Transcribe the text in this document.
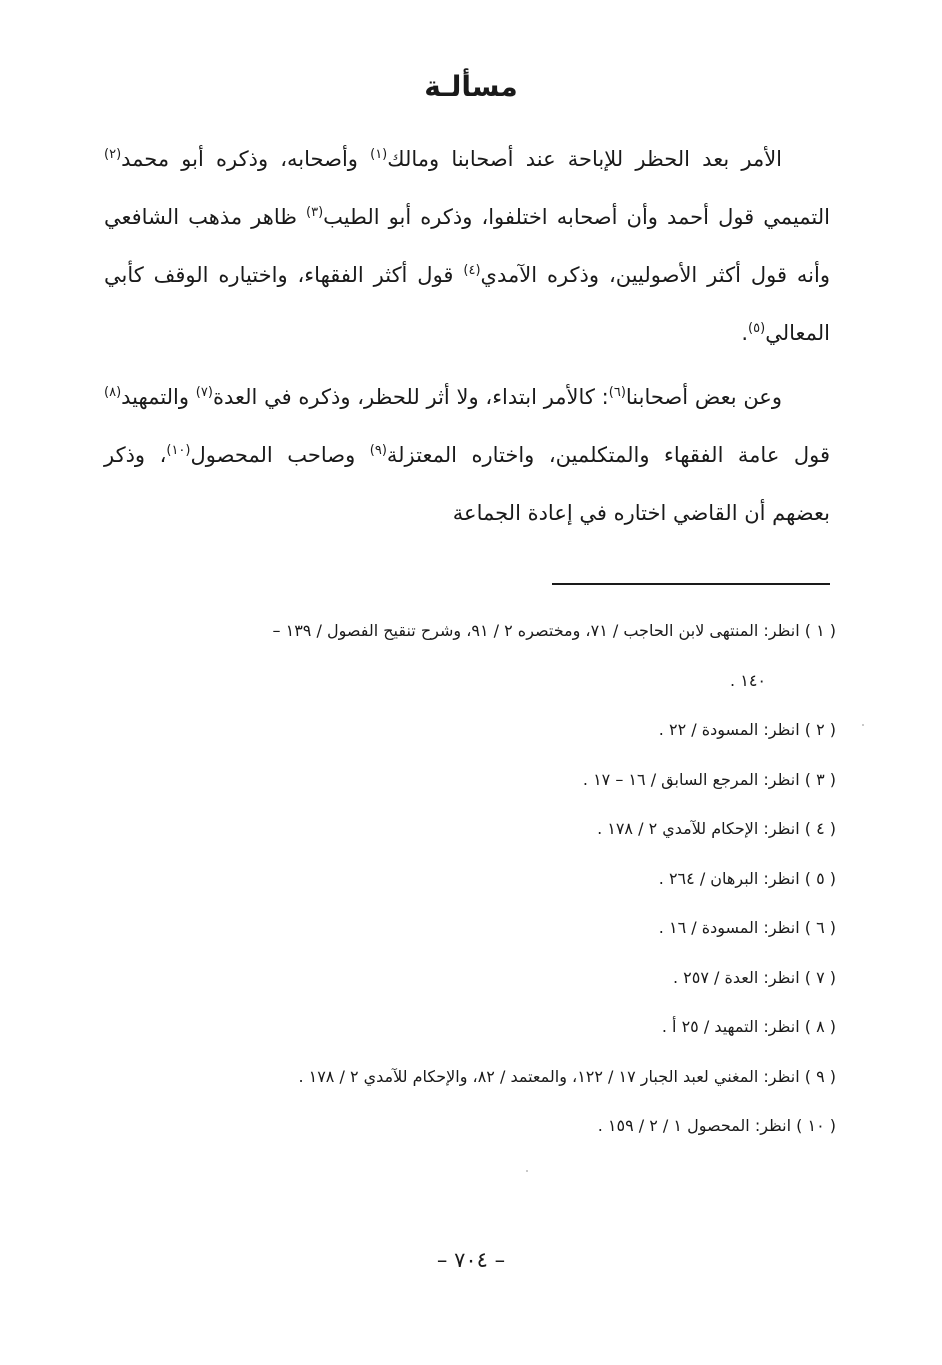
مسألـة

الأمر بعد الحظر للإباحة عند أصحابنا ومالك$^{(١)}$ وأصحابه، وذكره أبو محمد$^{(٢)}$ التميمي قول أحمد وأن أصحابه اختلفوا، وذكره أبو الطيب$^{(٣)}$ ظاهر مذهب الشافعي وأنه قول أكثر الأصوليين، وذكره الآمدي$^{(٤)}$ قول أكثر الفقهاء، واختياره الوقف كأبي المعالي$^{(٥)}$.

وعن بعض أصحابنا$^{(٦)}$: كالأمر ابتداء، ولا أثر للحظر، وذكره في العدة$^{(٧)}$ والتمهيد$^{(٨)}$ قول عامة الفقهاء والمتكلمين، واختاره المعتزلة$^{(٩)}$ وصاحب المحصول$^{(١٠)}$، وذكر بعضهم أن القاضي اختاره في إعادة الجماعة

( ١ ) انظر: المنتهى لابن الحاجب / ٧١، ومختصره ٢ / ٩١، وشرح تنقيح الفصول / ١٣٩ –
١٤٠ .
( ٢ ) انظر: المسودة / ٢٢ .
( ٣ ) انظر: المرجع السابق / ١٦ – ١٧ .
( ٤ ) انظر: الإحكام للآمدي ٢ / ١٧٨ .
( ٥ ) انظر: البرهان / ٢٦٤ .
( ٦ ) انظر: المسودة / ١٦ .
( ٧ ) انظر: العدة / ٢٥٧ .
( ٨ ) انظر: التمهيد / ٢٥ أ .
( ٩ ) انظر: المغني لعبد الجبار ١٧ / ١٢٢، والمعتمد / ٨٢، والإحكام للآمدي ٢ / ١٧٨ .
( ١٠ ) انظر: المحصول ١ / ٢ / ١٥٩ .
– ٧٠٤ –
